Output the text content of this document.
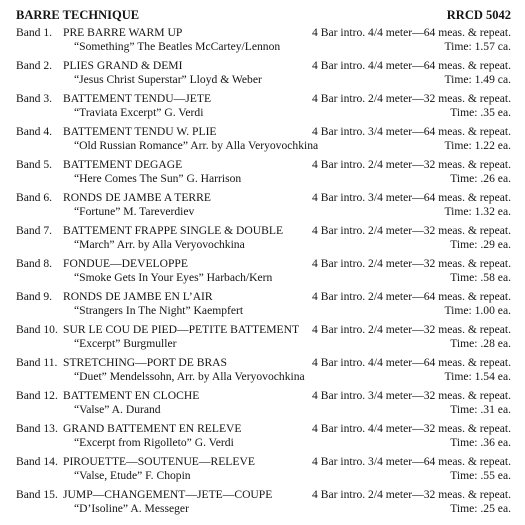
BARRE TECHNIQUE	RRCD 5042
Band 1. PRE BARRE WARM UP	4 Bar intro. 4/4 meter—64 meas. & repeat.
Time: 1.57 ca.
“Something” The Beatles McCartey/Lennon
Band 2. PLIES GRAND & DEMI	4 Bar intro. 4/4 meter—64 meas. & repeat.
Time: 1.49 ca.
“Jesus Christ Superstar” Lloyd & Weber
Band 3. BATTEMENT TENDU—JETE	4 Bar intro. 2/4 meter—32 meas. & repeat.
Time: .35 ea.
“Traviata Excerpt” G. Verdi
Band 4. BATTEMENT TENDU W. PLIE	4 Bar intro. 3/4 meter—64 meas. & repeat.
Time: 1.22 ea.
“Old Russian Romance” Arr. by Alla Veryovochkina
Band 5. BATTEMENT DEGAGE	4 Bar intro. 2/4 meter—32 meas. & repeat.
Time: .26 ea.
“Here Comes The Sun” G. Harrison
Band 6. RONDS DE JAMBE A TERRE	4 Bar intro. 3/4 meter—64 meas. & repeat.
Time: 1.32 ea.
“Fortune” M. Tareverdiev
Band 7. BATTEMENT FRAPPE SINGLE & DOUBLE 4 Bar intro. 2/4 meter—32 meas. & repeat.
Time: .29 ea.
“March” Arr. by Alla Veryovochkina
Band 8. FONDUE—DEVELOPPE	4 Bar intro. 2/4 meter—32 meas. & repeat.
Time: .58 ea.
“Smoke Gets In Your Eyes” Harbach/Kern
Band 9. RONDS DE JAMBE EN L’AIR	4 Bar intro. 2/4 meter—64 meas. & repeat.
Time: 1.00 ea.
“Strangers In The Night” Kaempfert
Band 10. SUR LE COU DE PIED—PETITE BATTEMENT 4 Bar intro. 2/4 meter—32 meas. & repeat.
Time: .28 ea.
“Excerpt” Burgmuller
Band 11. STRETCHING—PORT DE BRAS	4 Bar intro. 4/4 meter—64 meas. & repeat.
Time: 1.54 ea.
“Duet” Mendelssohn, Arr. by Alla Veryovochkina
Band 12. BATTEMENT EN CLOCHE	4 Bar intro. 3/4 meter—32 meas. & repeat.
Time: .31 ea.
“Valse” A. Durand
Band 13. GRAND BATTEMENT EN RELEVE	4 Bar intro. 4/4 meter—32 meas. & repeat.
Time: .36 ea.
“Excerpt from Rigolleto” G. Verdi
Band 14. PIROUETTE—SOUTENUE—RELEVE	4 Bar intro. 3/4 meter—64 meas. & repeat.
Time: .55 ea.
“Valse, Etude” F. Chopin
Band 15. JUMP—CHANGEMENT—JETE—COUPE	4 Bar intro. 2/4 meter—32 meas. & repeat.
Time: .25 ea.
“D’Isoline” A. Messeger
